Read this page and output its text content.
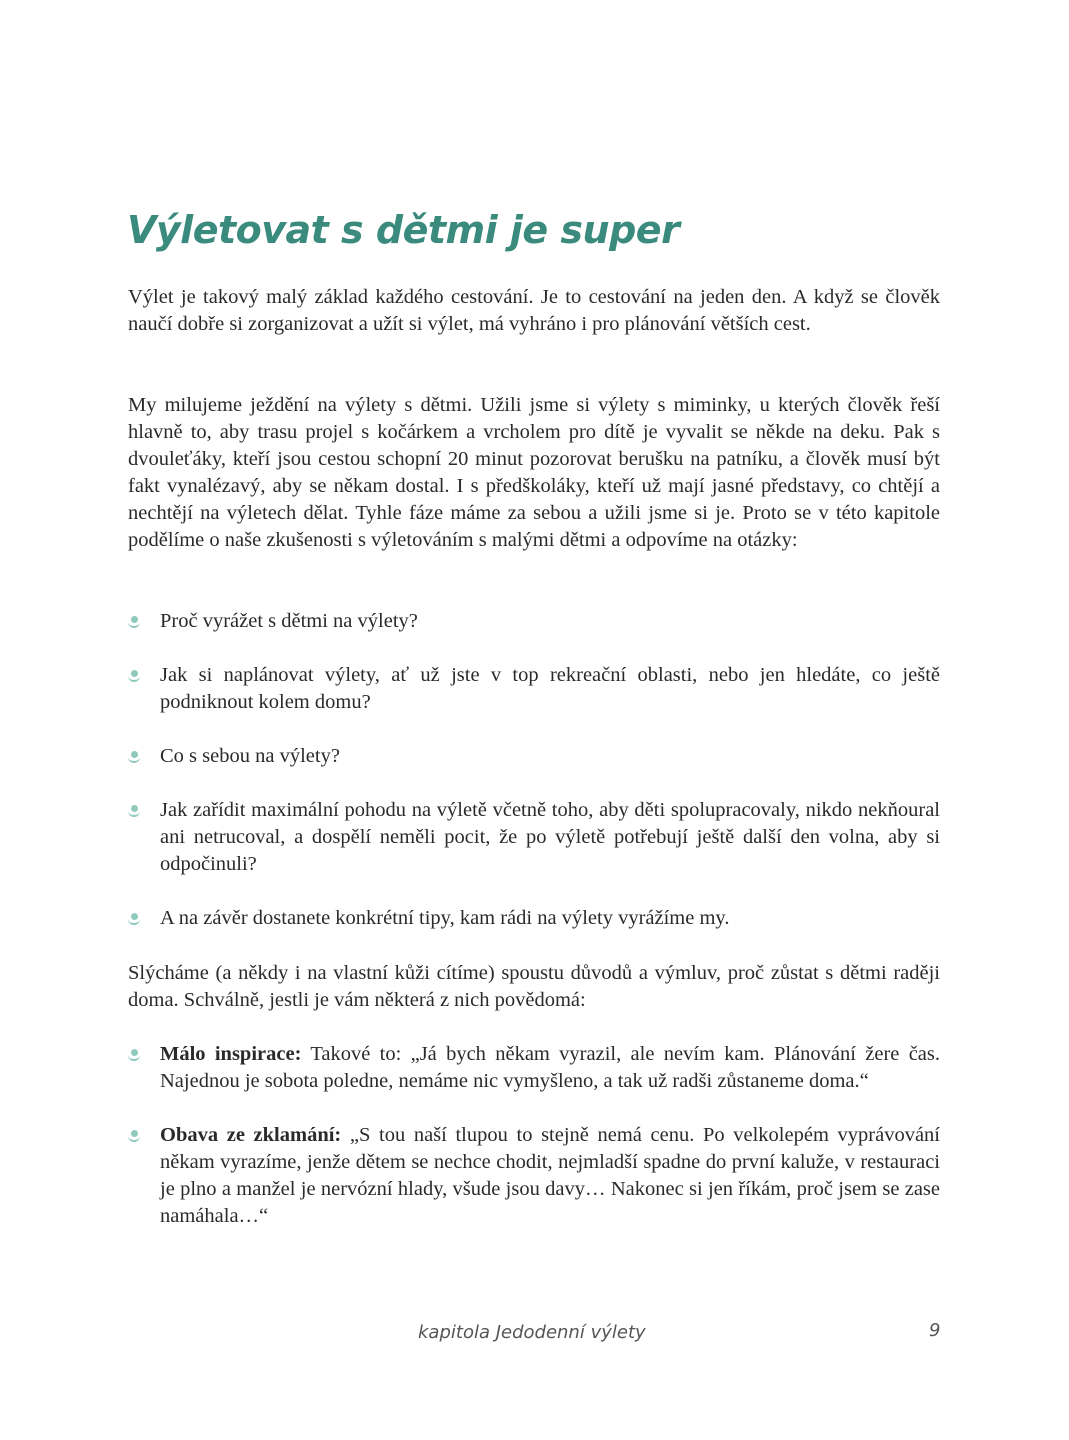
Výletovat s dětmi je super

Výlet je takový malý základ každého cestování. Je to cestování na jeden den. A když se člověk naučí dobře si zorganizovat a užít si výlet, má vyhráno i pro plánování větších cest.

My milujeme ježdění na výlety s dětmi. Užili jsme si výlety s miminky, u kterých člověk řeší hlavně to, aby trasu projel s kočárkem a vrcholem pro dítě je vyvalit se někde na deku. Pak s dvouleťáky, kteří jsou cestou schopní 20 minut pozorovat berušku na patníku, a člověk musí být fakt vynalézavý, aby se někam dostal. I s předškoláky, kteří už mají jasné představy, co chtějí a nechtějí na výletech dělat. Tyhle fáze máme za sebou a užili jsme si je. Proto se v této kapitole podělíme o naše zkušenosti s výletováním s malými dětmi a odpovíme na otázky:

Proč vyrážet s dětmi na výlety?
Jak si naplánovat výlety, ať už jste v top rekreační oblasti, nebo jen hledáte, co ještě podniknout kolem domu?
Co s sebou na výlety?
Jak zařídit maximální pohodu na výletě včetně toho, aby děti spolupracovaly, nikdo nekňoural ani netrucoval, a dospělí neměli pocit, že po výletě potřebují ještě další den volna, aby si odpočinuli?
A na závěr dostanete konkrétní tipy, kam rádi na výlety vyrážíme my.

Slýcháme (a někdy i na vlastní kůži cítíme) spoustu důvodů a výmluv, proč zůstat s dětmi raději doma. Schválně, jestli je vám některá z nich povědomá:

Málo inspirace: Takové to: „Já bych někam vyrazil, ale nevím kam. Plánování žere čas. Najednou je sobota poledne, nemáme nic vymyšleno, a tak už radši zůstaneme doma.“
Obava ze zklamání: „S tou naší tlupou to stejně nemá cenu. Po velkolepém vyprávování někam vyrazíme, jenže dětem se nechce chodit, nejmladší spadne do první kaluže, v restauraci je plno a manžel je nervózní hlady, všude jsou davy… Nakonec si jen říkám, proč jsem se zase namáhala…“
kapitola Jedodenní výlety	9
